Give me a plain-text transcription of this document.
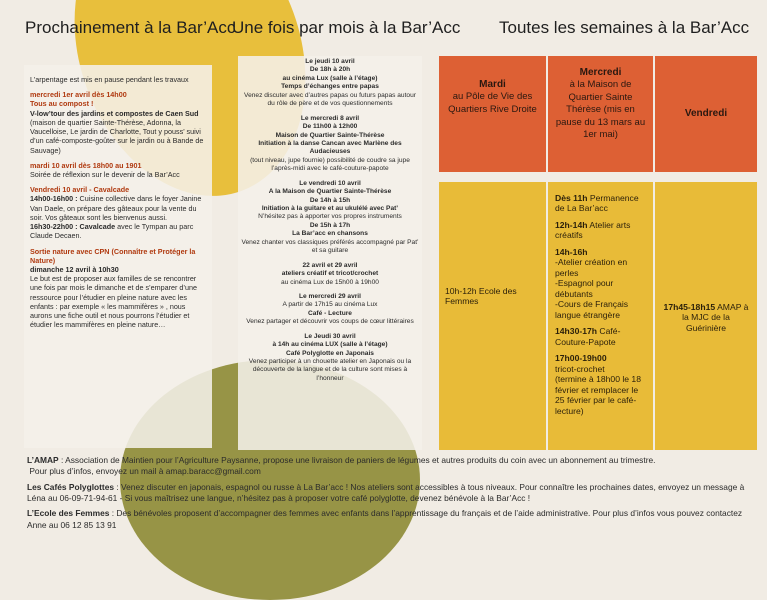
Prochainement à la Bar’Acc
Une fois par mois à la Bar’Acc Toutes les semaines à la Bar’Acc
L’arpentage est mis en pause pendant les travaux
mercredi 1er avril dès 14h00
Tous au compost !
V-low’tour des jardins et compostes de Caen Sud
(maison de quartier Sainte-Thérèse, Adonna, la Vaucelloise, Le jardin de Charlotte, Tout y pouss’ suivi d’un café-composte-goûter sur le jardin ou à Bande de Sauvage)
mardi 10 avril dès 18h00 au 1901
Soirée de réflexion sur le devenir de la Bar’Acc
Vendredi 10 avril - Cavalcade
14h00-16h00 : Cuisine collective dans le foyer Janine Van Daele, on prépare des gâteaux pour la vente du soir. Vos gâteaux sont les bienvenus aussi.
16h30-22h00 : Cavalcade avec le Tympan au parc Claude Decaen.
Sortie nature avec CPN (Connaître et Protéger la Nature)
dimanche 12 avril à 10h30
Le but est de proposer aux familles de se rencontrer une fois par mois le dimanche et de s’emparer d’une ressource pour l’étudier en pleine nature avec les enfants : par exemple « les mammifères » , nous aurons une fiche outil et nous pourrons l’étudier et étudier les mammifères en pleine nature…
Le jeudi 10 avril
De 18h à 20h
au cinéma Lux (salle à l’étage)
Temps d’échanges entre papas
Venez discuter avec d’autres papas ou futurs papas autour du rôle de père et de vos questionnements
Le mercredi 8 avril
De 11h00 à 12h00
Maison de Quartier Sainte-Thérèse
Initiation à la danse Cancan avec Marlène des Audacieuses
(tout niveau, jupe fournie) possibilité de coudre sa jupe l’après-midi avec le café-couture-papote
Le vendredi 10 avril
A la Maison de Quartier Sainte-Thérèse
De 14h à 15h
Initiation à la guitare et au ukulélé avec Pat’
N’hésitez pas à apporter vos propres instruments
De 15h à 17h
La Bar’acc en chansons
Venez chanter vos classiques préférés accompagné par Pat’ et sa guitare
22 avril et 29 avril
ateliers créatif et tricot/crochet
au cinéma Lux de 15h00 à 19h00
Le mercredi 29 avril
A partir de 17h15 au cinéma Lux
Café - Lecture
Venez partager et découvrir vos coups de cœur littéraires
Le Jeudi 30 avril
à 14h au cinéma LUX (salle à l’étage)
Café Polyglotte en Japonais
Venez participer à un chouette atelier en Japonais ou la découverte de la langue et de la culture sont mises à l’honneur
Mardi
au Pôle de Vie des Quartiers Rive Droite
Mercredi
à la Maison de Quartier Sainte Thérèse (mis en pause du 13 mars au 1er mai)
Vendredi
10h-12h Ecole des Femmes
Dès 11h Permanence de La Bar’acc
12h-14h Atelier arts créatifs
14h-16h
-Atelier création en perles
-Espagnol pour débutants
-Cours de Français langue étrangère
14h30-17h Café-Couture-Papote
17h00-19h00
tricot-crochet
(termine à 18h00 le 18 février et remplacer le 25 février par le café-lecture)
17h45-18h15 AMAP à la MJC de la Guérinière

L’AMAP : Association de Maintien pour l’Agriculture Paysanne, propose une livraison de paniers de légumes et autres produits du coin avec un abonnement au trimestre.
Pour plus d’infos, envoyez un mail à amap.baracc@gmail.com

Les Cafés Polyglottes : Venez discuter en japonais, espagnol ou russe à La Bar’acc ! Nos ateliers sont accessibles à tous niveaux. Pour connaître les prochaines dates, envoyez un message à Léna au 06-09-71-94-61 - Si vous maîtrisez une langue, n’hésitez pas à proposer votre café polyglotte, devenez bénévole à la Bar’Acc !

L’Ecole des Femmes : Des bénévoles proposent d’accompagner des femmes avec enfants dans l’apprentissage du français et de l’aide administrative. Pour plus d’infos vous pouvez contactez Anne au 06 12 85 13 91
